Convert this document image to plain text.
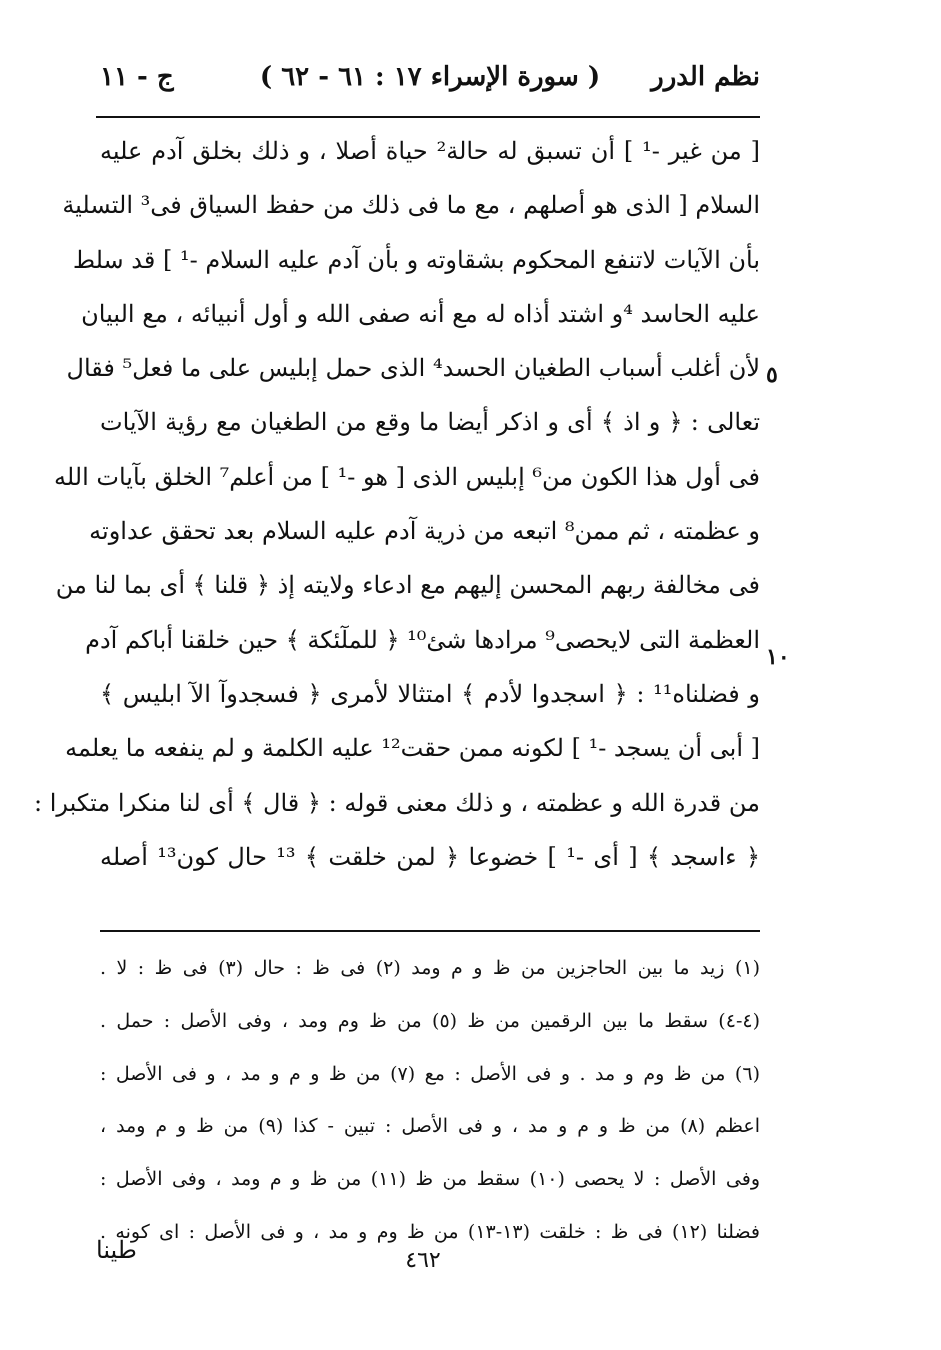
نظم الدرر
( سورة الإسراء ١٧ : ٦١ - ٦٢ )
ج - ١١
[ من غير -¹ ] أن تسبق له حالة² حياة أصلا ، و ذلك بخلق آدم عليه
السلام [ الذى هو أصلهم ، مع ما فى ذلك من حفظ السياق فى³ التسلية
بأن الآيات لاتنفع المحكوم بشقاوته و بأن آدم عليه السلام -¹ ] قد سلط
عليه الحاسد ⁴و اشتد أذاه له مع أنه صفى الله و أول أنبيائه ، مع البيان
لأن أغلب أسباب الطغيان الحسد⁴ الذى حمل إبليس على ما فعل⁵ فقال
تعالى : ﴿ و اذ ﴾ أى و اذكر أيضا ما وقع من الطغيان مع رؤية الآيات
فى أول هذا الكون من⁶ إبليس الذى [ هو -¹ ] من أعلم⁷ الخلق بآيات الله
و عظمته ، ثم ممن⁸ اتبعه من ذرية آدم عليه السلام بعد تحقق عداوته
فى مخالفة ربهم المحسن إليهم مع ادعاء ولايته إذ ﴿ قلنا ﴾ أى بما لنا من
العظمة التى لايحصى⁹ مرادها شئ¹⁰ ﴿ للملٓئكة ﴾ حين خلقنا أباكم آدم
و فضلناه¹¹ : ﴿ اسجدوا لأدم ﴾ امتثالا لأمرى ﴿ فسجدوآ الآ ابليس ﴾
[ أبى أن يسجد -¹ ] لكونه ممن حقت¹² عليه الكلمة و لم ينفعه ما يعلمه
من قدرة الله و عظمته ، و ذلك معنى قوله : ﴿ قال ﴾ أى لنا منكرا متكبرا :
﴿ ءاسجد ﴾ [ أى -¹ ] خضوعا ﴿ لمن خلقت ﴾ ¹³ حال كون¹³ أصله
٥
١٠
(١) زيد ما بين الحاجزين من ظ و م ومد (٢) فى ظ : حال (٣) فى ظ : لا .
(٤-٤) سقط ما بين الرقمين من ظ (٥) من ظ وم ومد ، وفى الأصل : حمل .
(٦) من ظ وم و مد . و فى الأصل : مع (٧) من ظ و م و مد ، و فى الأصل :
اعظم (٨) من ظ و م و مد ، و فى الأصل : تبين - كذا (٩) من ظ و م ومد ،
وفى الأصل : لا يحصى (١٠) سقط من ظ (١١) من ظ و م ومد ، وفى الأصل :
فضلنا (١٢) فى ظ : خلقت (١٣-١٣) من ظ وم و مد ، و فى الأصل : اى كونه .
٤٦٢
طينا
